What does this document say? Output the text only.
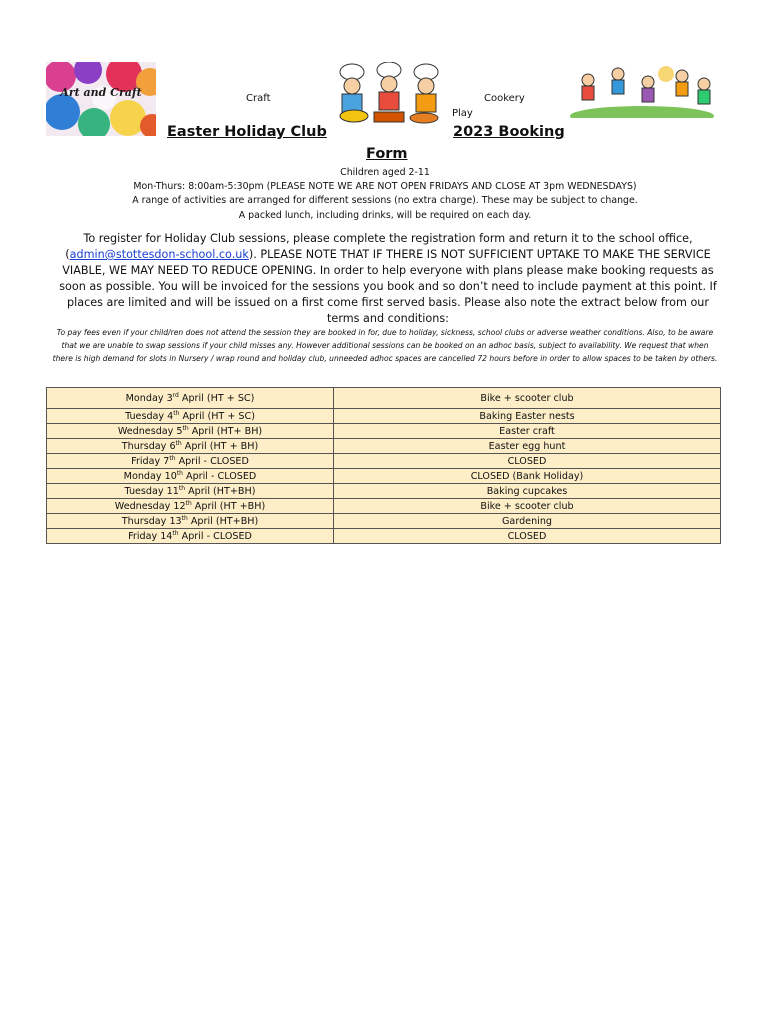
Art and Craft	Craft	Cookery
Play
Easter Holiday Club	2023 Booking
Form
Children aged 2-11
Mon-Thurs: 8:00am-5:30pm (PLEASE NOTE WE ARE NOT OPEN FRIDAYS AND CLOSE AT 3pm WEDNESDAYS)
A range of activities are arranged for different sessions (no extra charge). These may be subject to change.
A packed lunch, including drinks, will be required on each day.
To register for Holiday Club sessions, please complete the registration form and return it to the school office, (admin@stottesdon-school.co.uk). PLEASE NOTE THAT IF THERE IS NOT SUFFICIENT UPTAKE TO MAKE THE SERVICE VIABLE, WE MAY NEED TO REDUCE OPENING. In order to help everyone with plans please make booking requests as soon as possible. You will be invoiced for the sessions you book and so don’t need to include payment at this point. If places are limited and will be issued on a first come first served basis. Please also note the extract below from our terms and conditions:
To pay fees even if your child/ren does not attend the session they are booked in for, due to holiday, sickness, school clubs or adverse weather conditions. Also, to be aware that we are unable to swap sessions if your child misses any. However additional sessions can be booked on an adhoc basis, subject to availability. We request that when there is high demand for slots in Nursery / wrap round and holiday club, unneeded adhoc spaces are cancelled 72 hours before in order to allow spaces to be taken by others.
Monday 3rd April (HT + SC)	Bike + scooter club
Tuesday 4th April (HT + SC)	Baking Easter nests
Wednesday 5th April (HT+ BH)	Easter craft
Thursday 6th April (HT + BH)	Easter egg hunt
Friday 7th April - CLOSED	CLOSED
Monday 10th April - CLOSED	CLOSED (Bank Holiday)
Tuesday 11th April (HT+BH)	Baking cupcakes
Wednesday 12th April (HT +BH)	Bike + scooter club
Thursday 13th April (HT+BH)	Gardening
Friday 14th April - CLOSED	CLOSED
